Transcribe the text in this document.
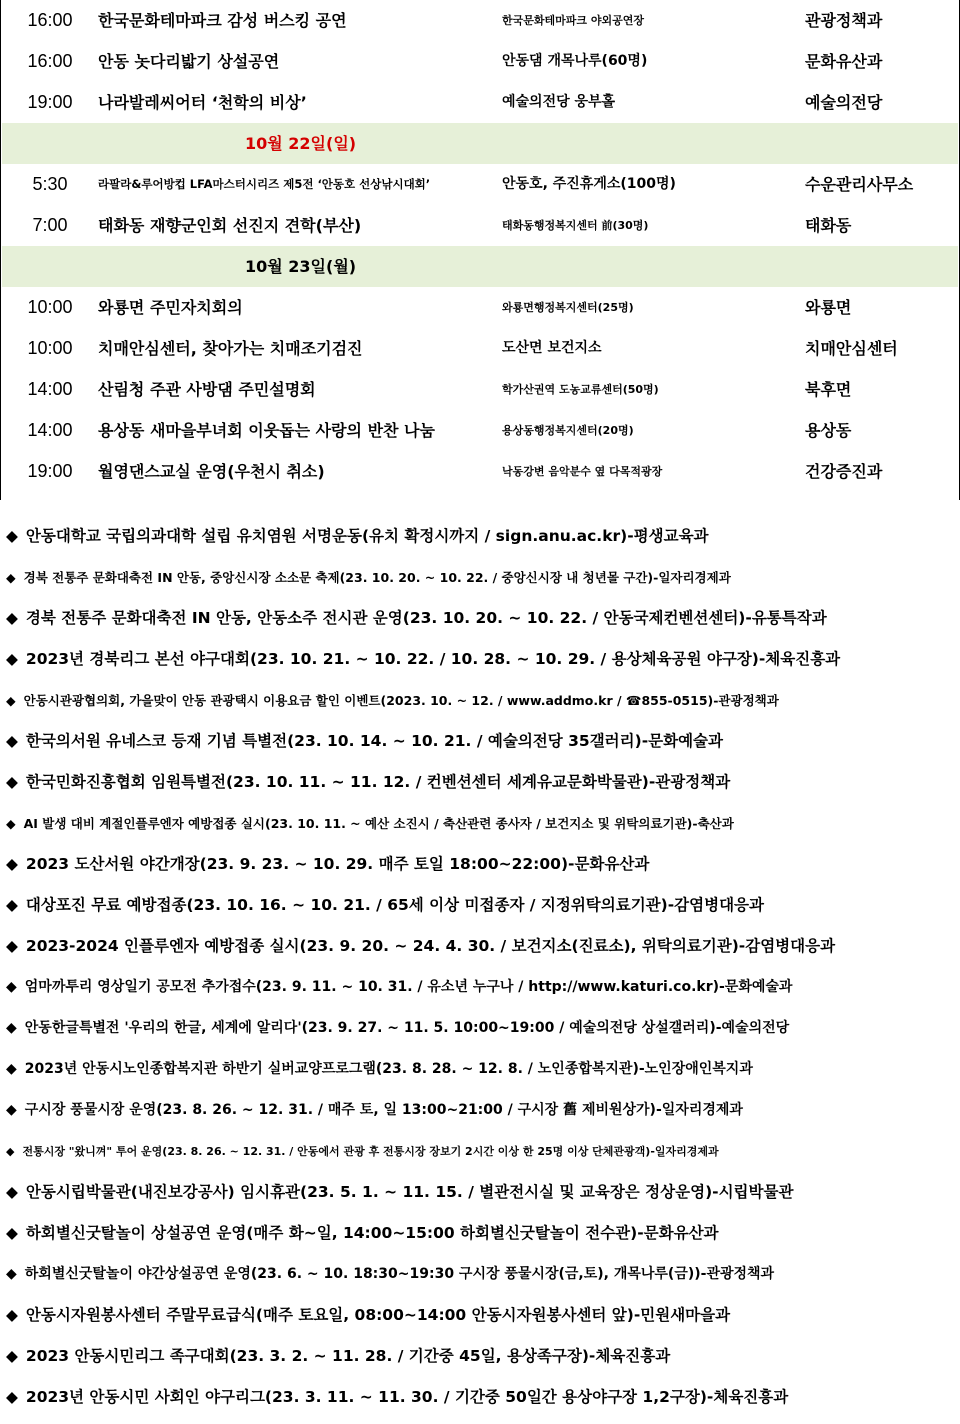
16:00	한국문화테마파크 감성 버스킹 공연	한국문화테마파크 야외공연장	관광정책과
16:00	안동 놋다리밟기 상설공연	안동댐 개목나루(60명)	문화유산과
19:00	나라발레씨어터 ‘천학의 비상’	예술의전당 웅부홀	예술의전당
10월 22일(일)
5:30	라팔라&루어방컵 LFA마스터시리즈 제5전 ‘안동호 선상낚시대회’	안동호, 주진휴게소(100명)	수운관리사무소
7:00	태화동 재향군인회 선진지 견학(부산)	태화동행정복지센터 前(30명)	태화동
10월 23일(월)
10:00	와룡면 주민자치회의	와룡면행정복지센터(25명)	와룡면
10:00	치매안심센터, 찾아가는 치매조기검진	도산면 보건지소	치매안심센터
14:00	산림청 주관 사방댐 주민설명회	학가산권역 도농교류센터(50명)	북후면
14:00	용상동 새마을부녀회 이웃돕는 사랑의 반찬 나눔	용상동행정복지센터(20명)	용상동
19:00	월영댄스교실 운영(우천시 취소)	낙동강변 음악분수 옆 다목적광장	건강증진과
◆ 안동대학교 국립의과대학 설립 유치염원 서명운동(유치 확정시까지 / sign.anu.ac.kr)-평생교육과
◆ 경북 전통주 문화대축전 IN 안동, 중앙신시장 소소문 축제(23. 10. 20. ~ 10. 22. / 중앙신시장 내 청년몰 구간)-일자리경제과
◆ 경북 전통주 문화대축전 IN 안동, 안동소주 전시관 운영(23. 10. 20. ~ 10. 22. / 안동국제컨벤션센터)-유통특작과
◆ 2023년 경북리그 본선 야구대회(23. 10. 21. ~ 10. 22. / 10. 28. ~ 10. 29. / 용상체육공원 야구장)-체육진흥과
◆ 안동시관광협의회, 가을맞이 안동 관광택시 이용요금 할인 이벤트(2023. 10. ~ 12. / www.addmo.kr / ☎855-0515)-관광정책과
◆ 한국의서원 유네스코 등재 기념 특별전(23. 10. 14. ~ 10. 21. / 예술의전당 35갤러리)-문화예술과
◆ 한국민화진흥협회 임원특별전(23. 10. 11. ~ 11. 12. / 컨벤션센터 세계유교문화박물관)-관광정책과
◆ AI 발생 대비 계절인플루엔자 예방접종 실시(23. 10. 11. ~ 예산 소진시 / 축산관련 종사자 / 보건지소 및 위탁의료기관)-축산과
◆ 2023 도산서원 야간개장(23. 9. 23. ~ 10. 29. 매주 토일 18:00~22:00)-문화유산과
◆ 대상포진 무료 예방접종(23. 10. 16. ~ 10. 21. / 65세 이상 미접종자 / 지정위탁의료기관)-감염병대응과
◆ 2023-2024 인플루엔자 예방접종 실시(23. 9. 20. ~ 24. 4. 30. / 보건지소(진료소), 위탁의료기관)-감염병대응과
◆ 엄마까투리 영상일기 공모전 추가접수(23. 9. 11. ~ 10. 31. / 유소년 누구나 / http://www.katuri.co.kr)-문화예술과
◆ 안동한글특별전 '우리의 한글, 세계에 알리다'(23. 9. 27. ~ 11. 5. 10:00~19:00 / 예술의전당 상설갤러리)-예술의전당
◆ 2023년 안동시노인종합복지관 하반기 실버교양프로그램(23. 8. 28. ~ 12. 8. / 노인종합복지관)-노인장애인복지과
◆ 구시장 풍물시장 운영(23. 8. 26. ~ 12. 31. / 매주 토, 일 13:00~21:00 / 구시장 舊 제비원상가)-일자리경제과
◆ 전통시장 "왔니껴" 투어 운영(23. 8. 26. ~ 12. 31. / 안동에서 관광 후 전통시장 장보기 2시간 이상 한 25명 이상 단체관광객)-일자리경제과
◆ 안동시립박물관(내진보강공사) 임시휴관(23. 5. 1. ~ 11. 15. / 별관전시실 및 교육장은 정상운영)-시립박물관
◆ 하회별신굿탈놀이 상설공연 운영(매주 화~일, 14:00~15:00 하회별신굿탈놀이 전수관)-문화유산과
◆ 하회별신굿탈놀이 야간상설공연 운영(23. 6. ~ 10. 18:30~19:30 구시장 풍물시장(금,토), 개목나루(금))-관광정책과
◆ 안동시자원봉사센터 주말무료급식(매주 토요일, 08:00~14:00 안동시자원봉사센터 앞)-민원새마을과
◆ 2023 안동시민리그 족구대회(23. 3. 2. ~ 11. 28. / 기간중 45일, 용상족구장)-체육진흥과
◆ 2023년 안동시민 사회인 야구리그(23. 3. 11. ~ 11. 30. / 기간중 50일간 용상야구장 1,2구장)-체육진흥과
